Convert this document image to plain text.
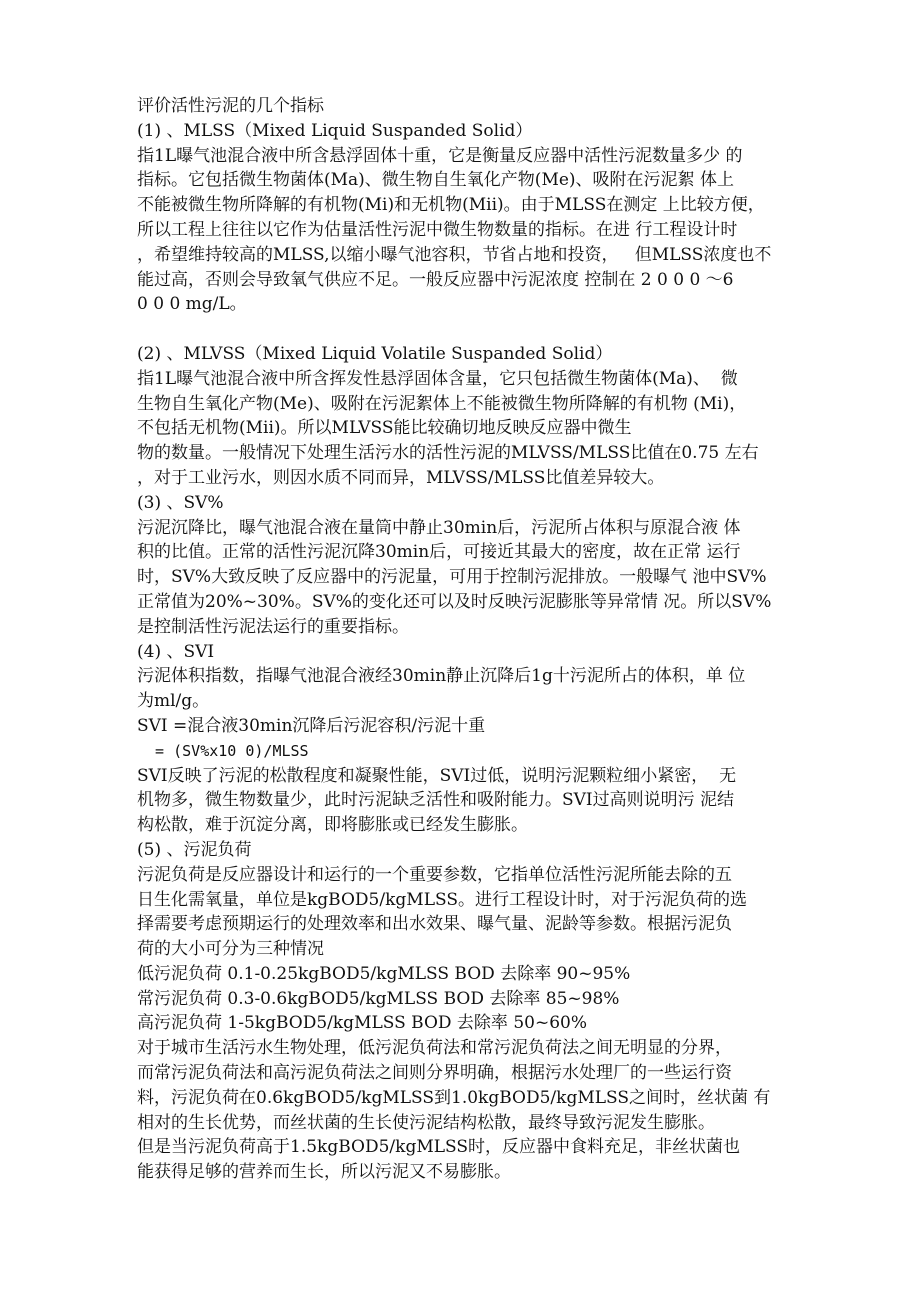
评价活性污泥的几个指标
(1) 、MLSS（Mixed Liquid Suspanded Solid）
指1L曝气池混合液中所含悬浮固体十重，它是衡量反应器中活性污泥数量多少 的
指标。它包括微生物菌体(Ma)、微生物自生氧化产物(Me)、吸附在污泥絮 体上
不能被微生物所降解的有机物(Mi)和无机物(Mii)。由于MLSS在测定 上比较方便，
所以工程上往往以它作为估量活性污泥中微生物数量的指标。在进 行工程设计时
，希望维持较高的MLSS,以缩小曝气池容积，节省占地和投资，   但MLSS浓度也不
能过高，否则会导致氧气供应不足。一般反应器中污泥浓度 控制在 2 0 0 0 〜6
0 0 0 mg/L。
(2) 、MLVSS（Mixed Liquid Volatile Suspanded Solid）
指1L曝气池混合液中所含挥发性悬浮固体含量，它只包括微生物菌体(Ma)、  微
生物自生氧化产物(Me)、吸附在污泥絮体上不能被微生物所降解的有机物 (Mi)，
不包括无机物(Mii)。所以MLVSS能比较确切地反映反应器中微生
物的数量。一般情况下处理生活污水的活性污泥的MLVSS/MLSS比值在0.75 左右
，对于工业污水，则因水质不同而异，MLVSS/MLSS比值差异较大。
(3) 、SV%
污泥沉降比，曝气池混合液在量筒中静止30min后，污泥所占体积与原混合液 体
积的比值。正常的活性污泥沉降30min后，可接近其最大的密度，故在正常 运行
时，SV%大致反映了反应器中的污泥量，可用于控制污泥排放。一般曝气 池中SV%
正常值为20%~30%。SV%的变化还可以及时反映污泥膨胀等异常情 况。所以SV%
是控制活性污泥法运行的重要指标。
(4) 、SVI
污泥体积指数，指曝气池混合液经30min静止沉降后1g十污泥所占的体积，单 位
为ml/g。
SVI =混合液30min沉降后污泥容积/污泥十重
= (SV%x10 0)/MLSS
SVI反映了污泥的松散程度和凝聚性能，SVI过低，说明污泥颗粒细小紧密，  无
机物多，微生物数量少，此时污泥缺乏活性和吸附能力。SVI过高则说明污 泥结
构松散，难于沉淀分离，即将膨胀或已经发生膨胀。
(5) 、污泥负荷
污泥负荷是反应器设计和运行的一个重要参数，它指单位活性污泥所能去除的五
日生化需氧量，单位是kgBOD5/kgMLSS。进行工程设计时，对于污泥负荷的选
择需要考虑预期运行的处理效率和出水效果、曝气量、泥龄等参数。根据污泥负
荷的大小可分为三种情况
低污泥负荷 0.1-0.25kgBOD5/kgMLSS BOD 去除率 90~95%
常污泥负荷 0.3-0.6kgBOD5/kgMLSS BOD 去除率 85~98%
高污泥负荷 1-5kgBOD5/kgMLSS BOD 去除率 50~60%
对于城市生活污水生物处理，低污泥负荷法和常污泥负荷法之间无明显的分界，
而常污泥负荷法和高污泥负荷法之间则分界明确，根据污水处理厂的一些运行资
料，污泥负荷在0.6kgBOD5/kgMLSS到1.0kgBOD5/kgMLSS之间时，丝状菌 有
相对的生长优势，而丝状菌的生长使污泥结构松散，最终导致污泥发生膨胀。
但是当污泥负荷高于1.5kgBOD5/kgMLSS时，反应器中食料充足，非丝状菌也
能获得足够的营养而生长，所以污泥又不易膨胀。
